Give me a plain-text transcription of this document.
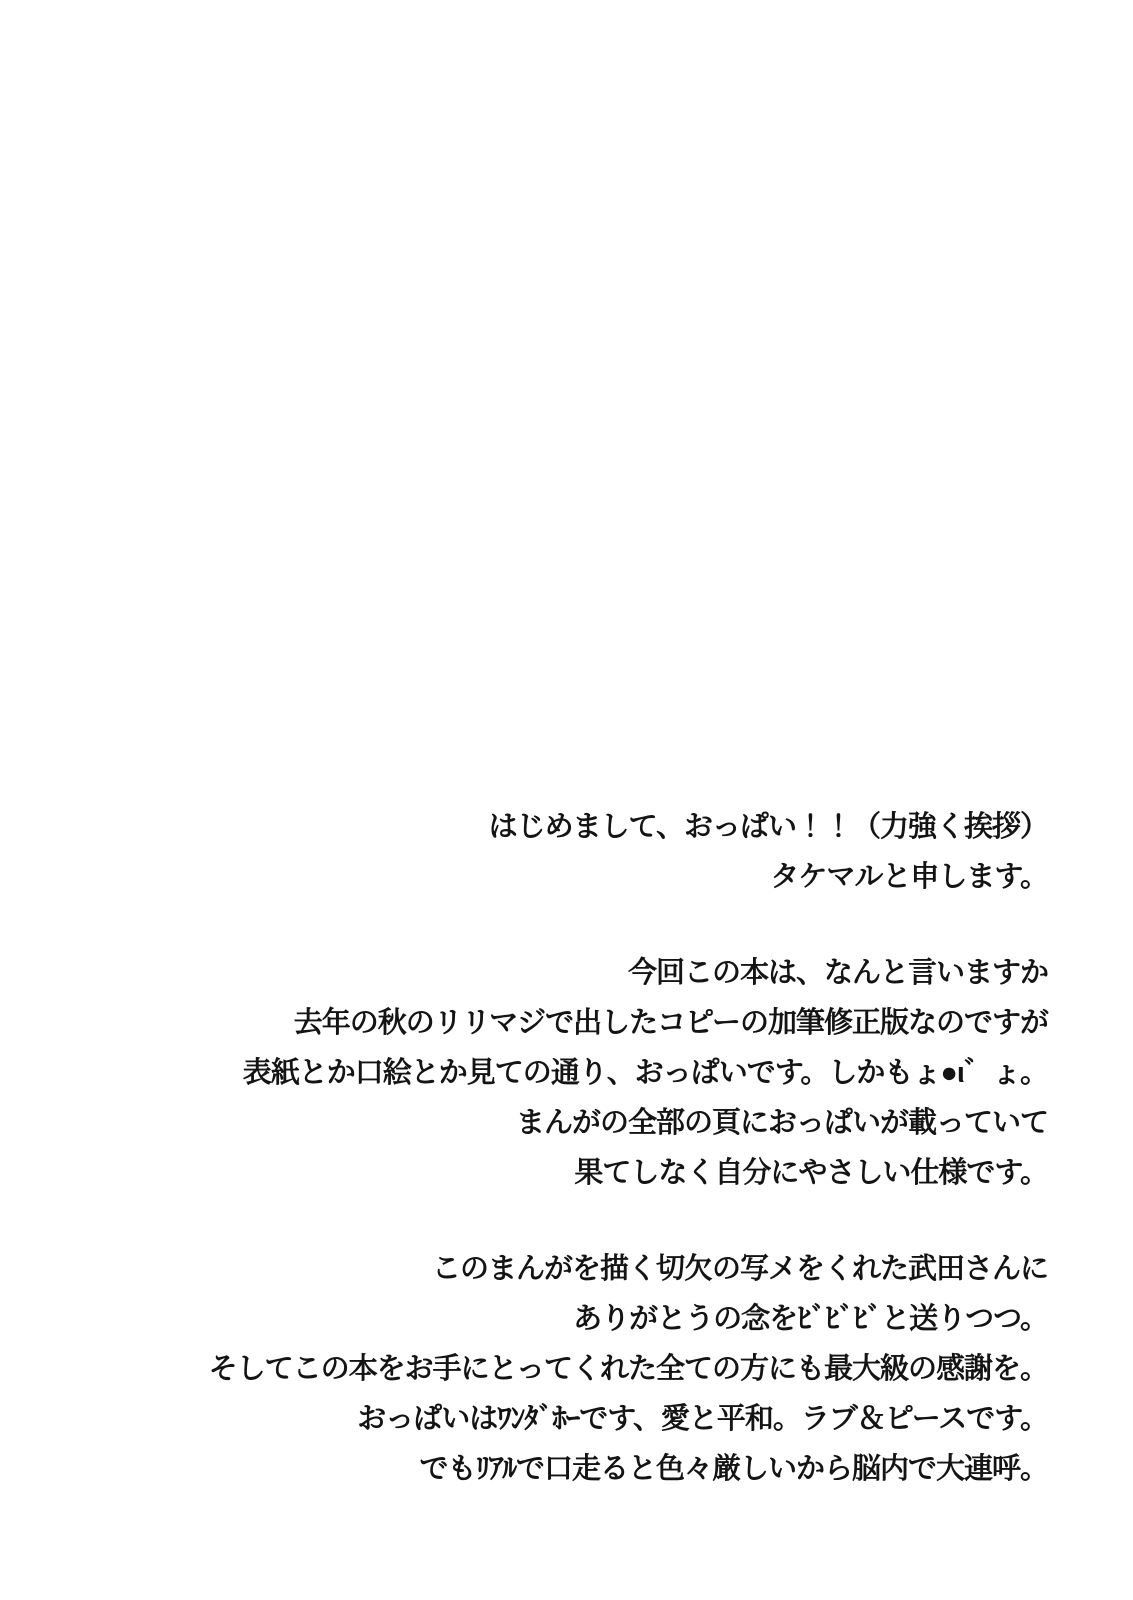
はじめまして、おっぱい！！（力強く挨拶）
タケマルと申します。

今回この本は、なんと言いますか
去年の秋のリリマジで出したコピーの加筆修正版なのですが
表紙とか口絵とか見ての通り、おっぱいです。しかもょ●ι゛ょ。
まんがの全部の頁におっぱいが載っていて
果てしなく自分にやさしい仕様です。

このまんがを描く切欠の写メをくれた武田さんに
ありがとうの念をﾋﾞﾋﾞﾋﾞと送りつつ。
そしてこの本をお手にとってくれた全ての方にも最大級の感謝を。
おっぱいはﾜﾝﾀﾞﾎｰです、愛と平和。ラブ＆ピースです。
でもﾘｱﾙで口走ると色々厳しいから脳内で大連呼。
